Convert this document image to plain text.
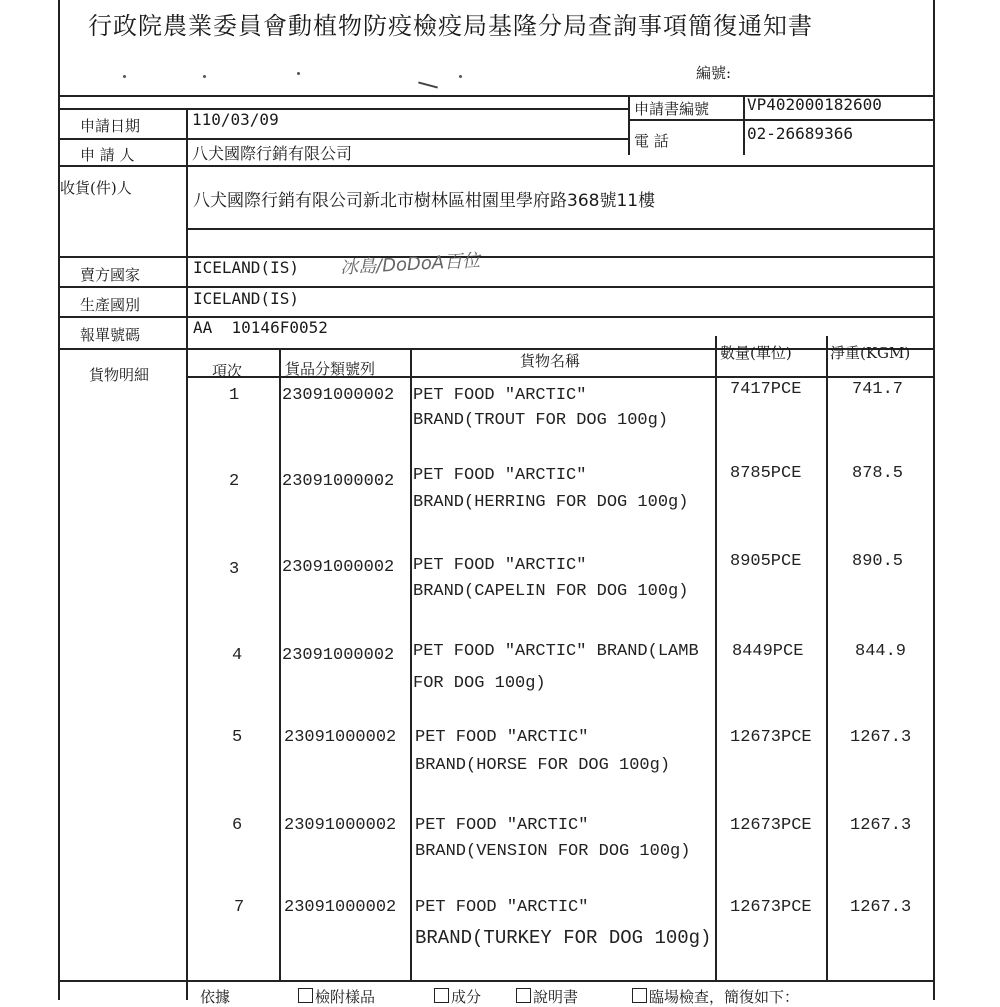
行政院農業委員會動植物防疫檢疫局基隆分局查詢事項簡復通知書
編號:
申請日期	110/03/09
申請書編號 VP402000182600
申 請 人	八犬國際行銷有限公司
電 話	02-26689366
收貨(件)人
八犬國際行銷有限公司新北市樹林區柑園里學府路368號11樓
賣方國家	ICELAND(IS) 冰島/DoDoA百位
生產國別	ICELAND(IS)
報單號碼	AA  10146F0052
貨物明細	項次	貨品分類號列	貨物名稱	數量(單位)	淨重(KGM)
1	23091000002 PET FOOD "ARCTIC"
BRAND(TROUT FOR DOG 100g)
7417PCE	741.7
2	23091000002 PET FOOD "ARCTIC"
BRAND(HERRING FOR DOG 100g)
8785PCE	878.5
3	23091000002 PET FOOD "ARCTIC"
BRAND(CAPELIN FOR DOG 100g)
8905PCE	890.5
4 23091000002 PET FOOD "ARCTIC" BRAND(LAMB
FOR DOG 100g)
8449PCE	844.9
5 23091000002 PET FOOD "ARCTIC"
BRAND(HORSE FOR DOG 100g)
12673PCE 1267.3
6 23091000002 PET FOOD "ARCTIC"
BRAND(VENSION FOR DOG 100g)
12673PCE 1267.3
7 23091000002 PET FOOD "ARCTIC"
BRAND(TURKEY FOR DOG 100g)
12673PCE 1267.3
依據	檢附樣品	成分	說明書	臨場檢查，簡復如下：
